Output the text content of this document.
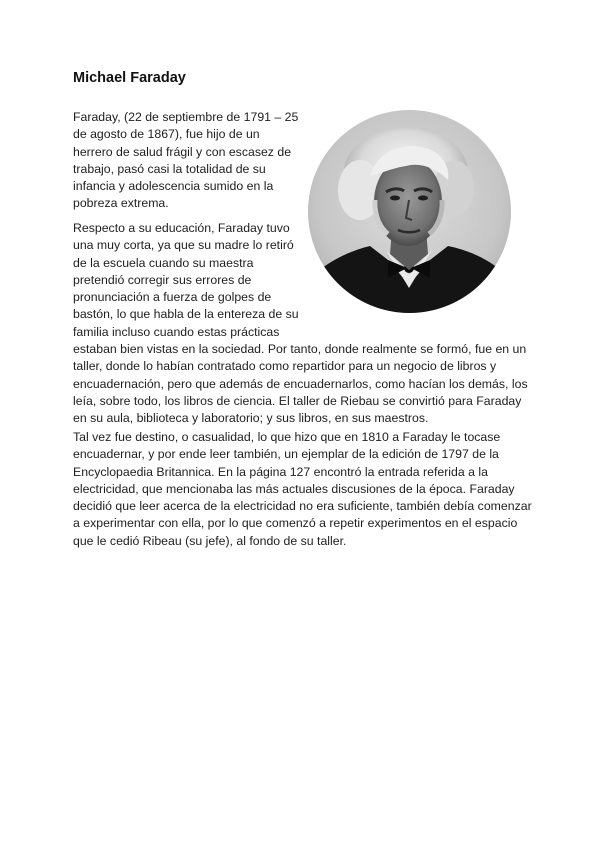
Michael Faraday
Faraday, (22 de septiembre de 1791 – 25
de agosto de 1867), fue hijo de un
herrero de salud frágil y con escasez de
trabajo, pasó casi la totalidad de su
infancia y adolescencia sumido en la
pobreza extrema.
Respecto a su educación, Faraday tuvo
una muy corta, ya que su madre lo retiró
de la escuela cuando su maestra
pretendió corregir sus errores de
pronunciación a fuerza de golpes de
bastón, lo que habla de la entereza de su
familia incluso cuando estas prácticas
estaban bien vistas en la sociedad. Por tanto, donde realmente se formó, fue en un
taller, donde lo habían contratado como repartidor para un negocio de libros y
encuadernación, pero que además de encuadernarlos, como hacían los demás, los
leía, sobre todo, los libros de ciencia. El taller de Riebau se convirtió para Faraday
en su aula, biblioteca y laboratorio; y sus libros, en sus maestros.
Tal vez fue destino, o casualidad, lo que hizo que en 1810 a Faraday le tocase
encuadernar, y por ende leer también, un ejemplar de la edición de 1797 de la
Encyclopaedia Britannica. En la página 127 encontró la entrada referida a la
electricidad, que mencionaba las más actuales discusiones de la época. Faraday
decidió que leer acerca de la electricidad no era suficiente, también debía comenzar
a experimentar con ella, por lo que comenzó a repetir experimentos en el espacio
que le cedió Ribeau (su jefe), al fondo de su taller.
